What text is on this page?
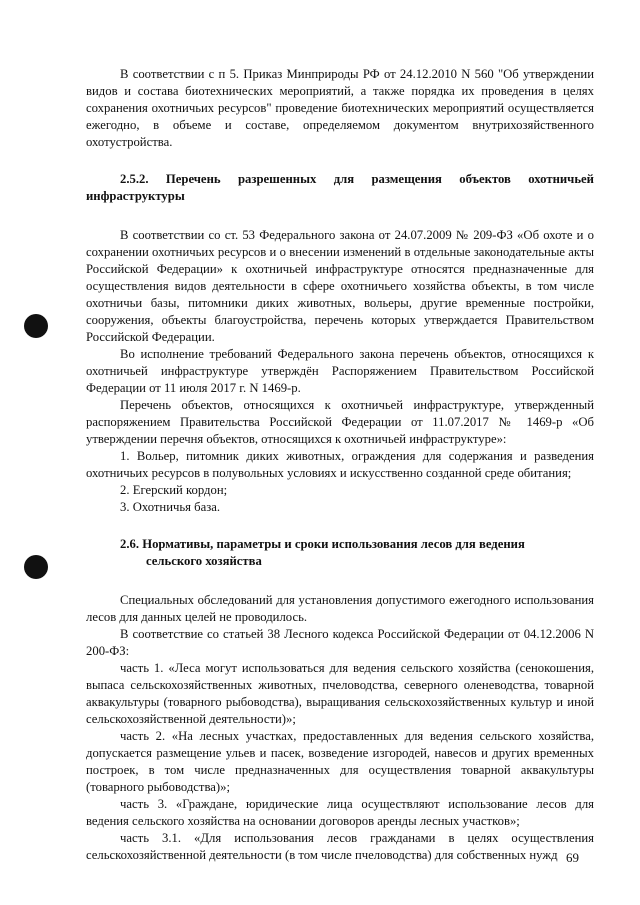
В соответствии с п 5. Приказ Минприроды РФ от 24.12.2010 N 560 "Об утверждении видов и состава биотехнических мероприятий, а также порядка их проведения в целях сохранения охотничьих ресурсов" проведение биотехнических мероприятий осуществляется ежегодно, в объеме и составе, определяемом документом внутрихозяйственного охотустройства.

2.5.2. Перечень разрешенных для размещения объектов охотничьей инфраструктуры

В соответствии со ст. 53 Федерального закона от 24.07.2009 № 209-ФЗ «Об охоте и о сохранении охотничьих ресурсов и о внесении изменений в отдельные законодательные акты Российской Федерации» к охотничьей инфраструктуре относятся предназначенные для осуществления видов деятельности в сфере охотничьего хозяйства объекты, в том числе охотничьи базы, питомники диких животных, вольеры, другие временные постройки, сооружения, объекты благоустройства, перечень которых утверждается Правительством Российской Федерации.

Во исполнение требований Федерального закона перечень объектов, относящихся к охотничьей инфраструктуре утверждён Распоряжением Правительством Российской Федерации от 11 июля 2017 г. N 1469-р.

Перечень объектов, относящихся к охотничьей инфраструктуре, утвержденный распоряжением Правительства Российской Федерации от 11.07.2017 № 1469-р «Об утверждении перечня объектов, относящихся к охотничьей инфраструктуре»:

1. Вольер, питомник диких животных, ограждения для содержания и разведения охотничьих ресурсов в полувольных условиях и искусственно созданной среде обитания;

2. Егерский кордон;

3. Охотничья база.

2.6. Нормативы, параметры и сроки использования лесов для ведения
сельского хозяйства

Специальных обследований для установления допустимого ежегодного использования лесов для данных целей не проводилось.

В соответствие со статьей 38 Лесного кодекса Российской Федерации от 04.12.2006 N 200-ФЗ:

часть 1. «Леса могут использоваться для ведения сельского хозяйства (сенокошения, выпаса сельскохозяйственных животных, пчеловодства, северного оленеводства, товарной аквакультуры (товарного рыбоводства), выращивания сельскохозяйственных культур и иной сельскохозяйственной деятельности)»;

часть 2. «На лесных участках, предоставленных для ведения сельского хозяйства, допускается размещение ульев и пасек, возведение изгородей, навесов и других временных построек, в том числе предназначенных для осуществления товарной аквакультуры (товарного рыбоводства)»;

часть 3. «Граждане, юридические лица осуществляют использование лесов для ведения сельского хозяйства на основании договоров аренды лесных участков»;

часть 3.1. «Для использования лесов гражданами в целях осуществления сельскохозяйственной деятельности (в том числе пчеловодства) для собственных нужд 69
